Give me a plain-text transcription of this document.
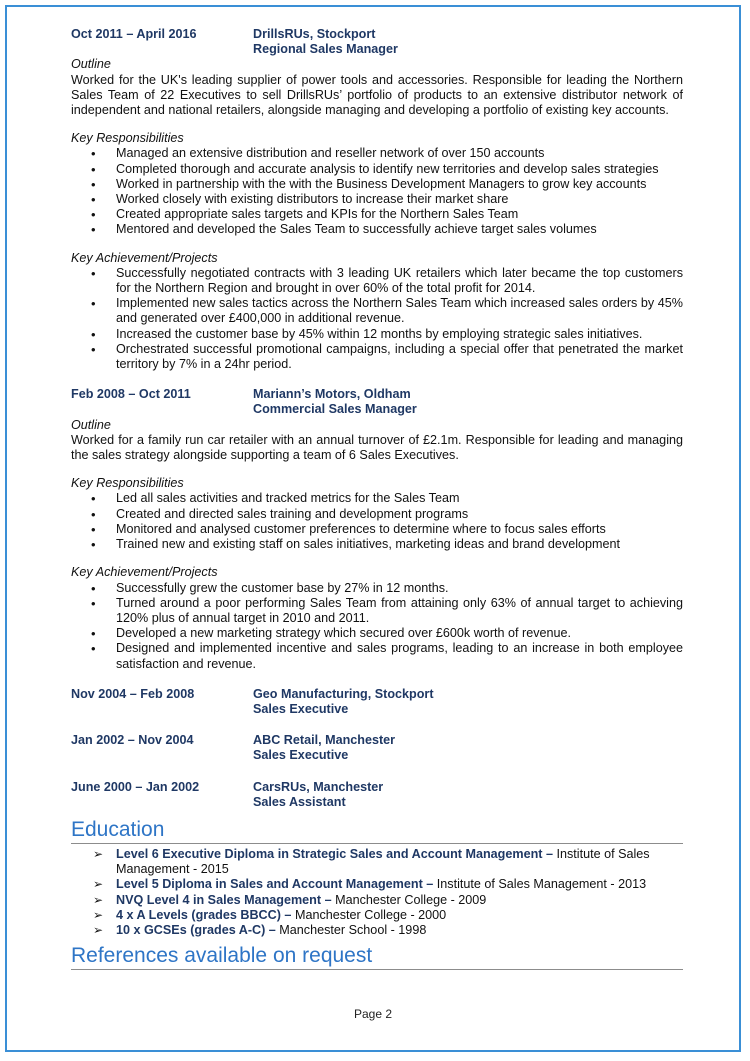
Oct 2011 – April 2016	DrillsRUs, Stockport
Regional Sales Manager

Outline

Worked for the UK's leading supplier of power tools and accessories. Responsible for leading the Northern Sales Team of 22 Executives to sell DrillsRUs’ portfolio of products to an extensive distributor network of independent and national retailers, alongside managing and developing a portfolio of existing key accounts.

Key Responsibilities

• Managed an extensive distribution and reseller network of over 150 accounts
• Completed thorough and accurate analysis to identify new territories and develop sales strategies
• Worked in partnership with the with the Business Development Managers to grow key accounts
• Worked closely with existing distributors to increase their market share
• Created appropriate sales targets and KPIs for the Northern Sales Team
• Mentored and developed the Sales Team to successfully achieve target sales volumes

Key Achievement/Projects

• Successfully negotiated contracts with 3 leading UK retailers which later became the top customers for the Northern Region and brought in over 60% of the total profit for 2014.
• Implemented new sales tactics across the Northern Sales Team which increased sales orders by 45% and generated over £400,000 in additional revenue.
• Increased the customer base by 45% within 12 months by employing strategic sales initiatives.
• Orchestrated successful promotional campaigns, including a special offer that penetrated the market territory by 7% in a 24hr period.
Feb 2008 – Oct 2011	Mariann’s Motors, Oldham
Commercial Sales Manager

Outline

Worked for a family run car retailer with an annual turnover of £2.1m. Responsible for leading and managing the sales strategy alongside supporting a team of 6 Sales Executives.

Key Responsibilities

• Led all sales activities and tracked metrics for the Sales Team
• Created and directed sales training and development programs
• Monitored and analysed customer preferences to determine where to focus sales efforts
• Trained new and existing staff on sales initiatives, marketing ideas and brand development

Key Achievement/Projects

• Successfully grew the customer base by 27% in 12 months.
• Turned around a poor performing Sales Team from attaining only 63% of annual target to achieving 120% plus of annual target in 2010 and 2011.
• Developed a new marketing strategy which secured over £600k worth of revenue.
• Designed and implemented incentive and sales programs, leading to an increase in both employee satisfaction and revenue.
Nov 2004 – Feb 2008	Geo Manufacturing, Stockport
Sales Executive
Jan 2002 – Nov 2004	ABC Retail, Manchester
Sales Executive
June 2000 – Jan 2002	CarsRUs, Manchester
Sales Assistant
Education
➢ Level 6 Executive Diploma in Strategic Sales and Account Management – Institute of Sales Management - 2015
➢ Level 5 Diploma in Sales and Account Management – Institute of Sales Management - 2013
➢ NVQ Level 4 in Sales Management – Manchester College - 2009
➢ 4 x A Levels (grades BBCC) – Manchester College - 2000
➢ 10 x GCSEs (grades A-C) – Manchester School - 1998
References available on request
Page 2
